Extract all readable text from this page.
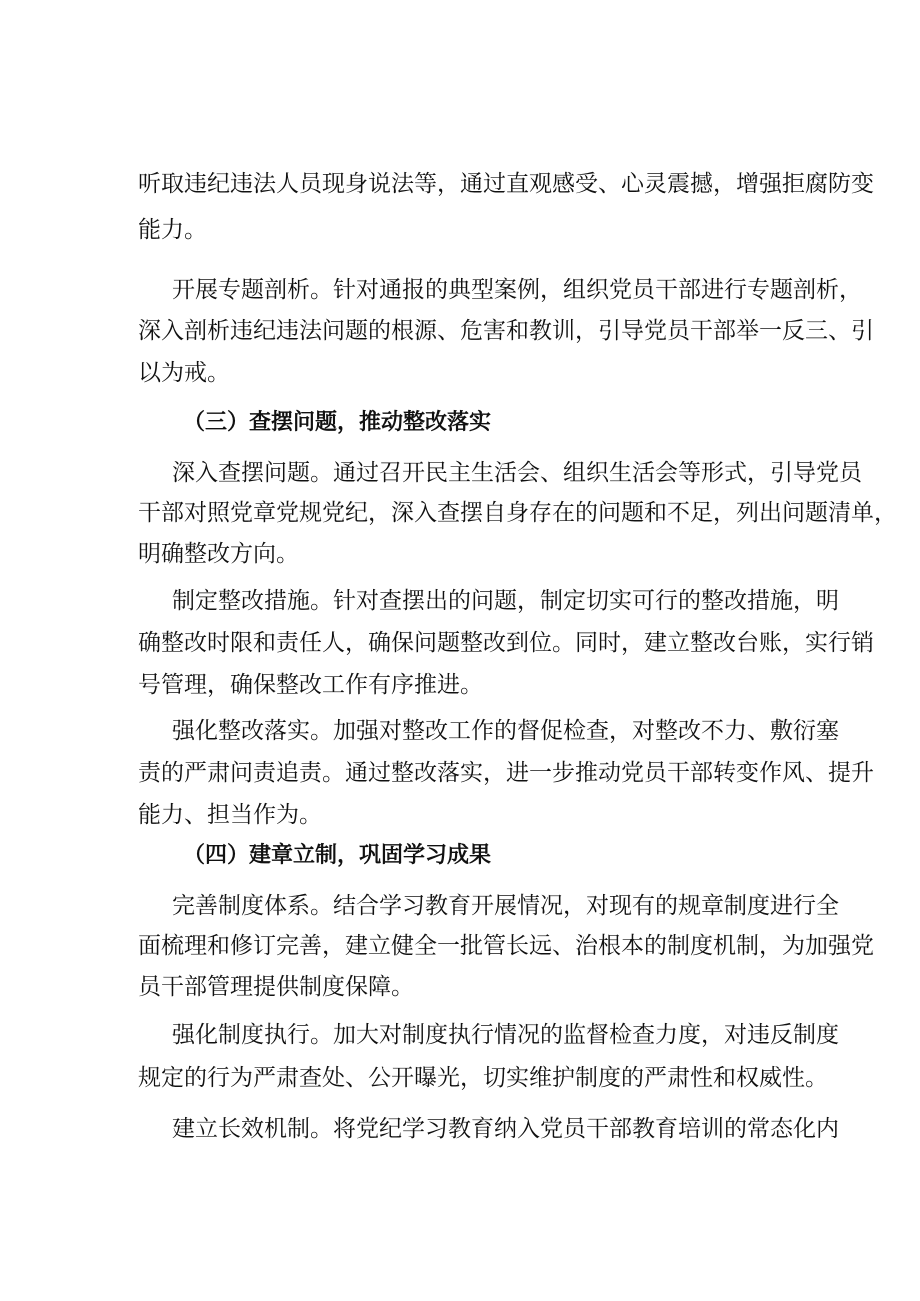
听取违纪违法人员现身说法等，通过直观感受、心灵震撼，增强拒腐防变
能力。
开展专题剖析。针对通报的典型案例，组织党员干部进行专题剖析，
深入剖析违纪违法问题的根源、危害和教训，引导党员干部举一反三、引
以为戒。
（三）查摆问题，推动整改落实
深入查摆问题。通过召开民主生活会、组织生活会等形式，引导党员
干部对照党章党规党纪，深入查摆自身存在的问题和不足，列出问题清单，
明确整改方向。
制定整改措施。针对查摆出的问题，制定切实可行的整改措施，明
确整改时限和责任人，确保问题整改到位。同时，建立整改台账，实行销
号管理，确保整改工作有序推进。
强化整改落实。加强对整改工作的督促检查，对整改不力、敷衍塞
责的严肃问责追责。通过整改落实，进一步推动党员干部转变作风、提升
能力、担当作为。
（四）建章立制，巩固学习成果
完善制度体系。结合学习教育开展情况，对现有的规章制度进行全
面梳理和修订完善，建立健全一批管长远、治根本的制度机制，为加强党
员干部管理提供制度保障。
强化制度执行。加大对制度执行情况的监督检查力度，对违反制度
规定的行为严肃查处、公开曝光，切实维护制度的严肃性和权威性。
建立长效机制。将党纪学习教育纳入党员干部教育培训的常态化内
